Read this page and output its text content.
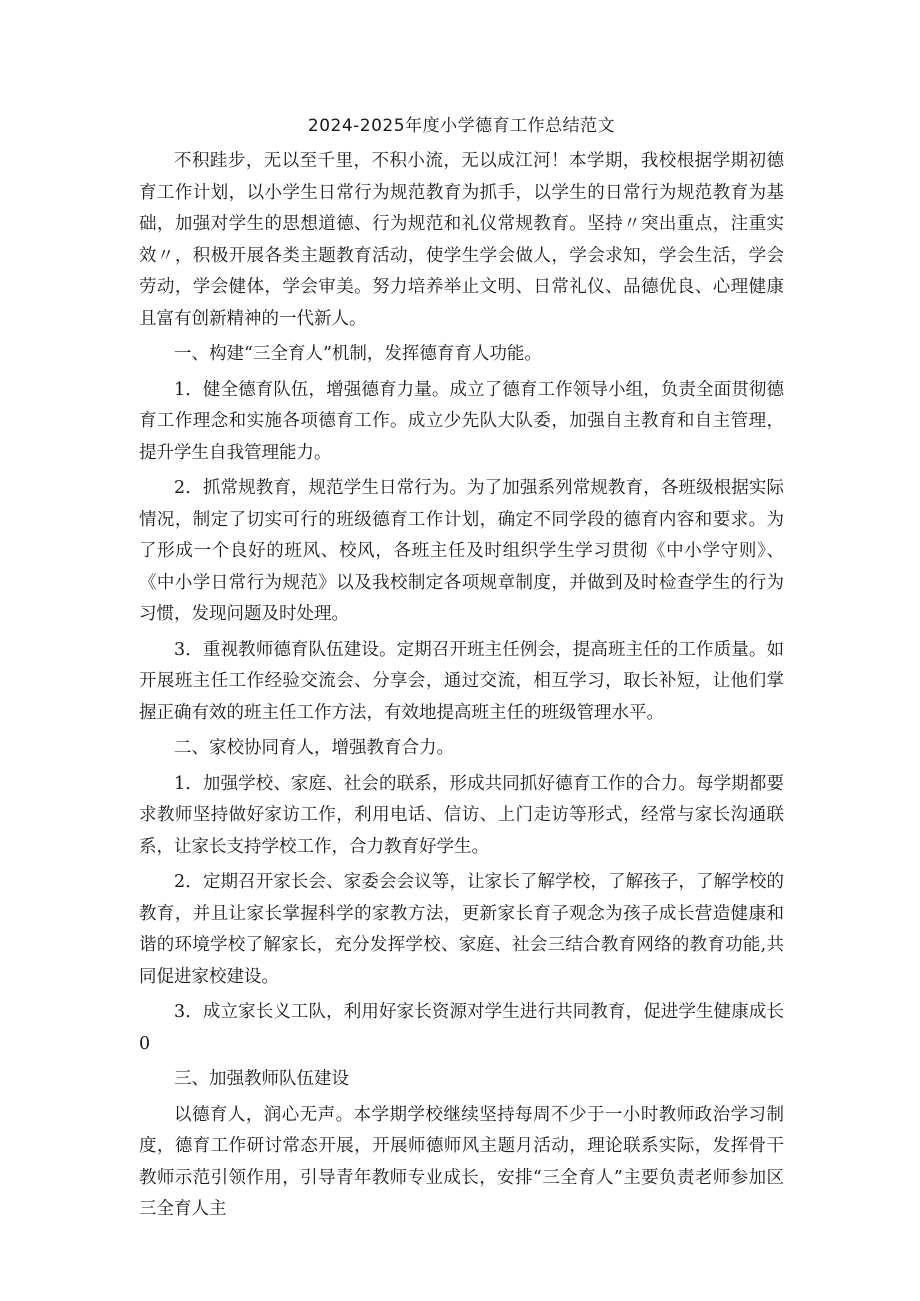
2024-2025年度小学德育工作总结范文

不积跬步，无以至千里，不积小流，无以成江河！本学期，我校根据学期初德育工作计划，以小学生日常行为规范教育为抓手，以学生的日常行为规范教育为基础，加强对学生的思想道德、行为规范和礼仪常规教育。坚持〃突出重点，注重实效〃，积极开展各类主题教育活动，使学生学会做人，学会求知，学会生活，学会劳动，学会健体，学会审美。努力培养举止文明、日常礼仪、品德优良、心理健康且富有创新精神的一代新人。

一、构建“三全育人”机制，发挥德育育人功能。

1．健全德育队伍，增强德育力量。成立了德育工作领导小组，负责全面贯彻德育工作理念和实施各项德育工作。成立少先队大队委，加强自主教育和自主管理，提升学生自我管理能力。

2．抓常规教育，规范学生日常行为。为了加强系列常规教育，各班级根据实际情况，制定了切实可行的班级德育工作计划，确定不同学段的德育内容和要求。为了形成一个良好的班风、校风，各班主任及时组织学生学习贯彻《中小学守则》、《中小学日常行为规范》以及我校制定各项规章制度，并做到及时检查学生的行为习惯，发现问题及时处理。

3．重视教师德育队伍建设。定期召开班主任例会，提高班主任的工作质量。如开展班主任工作经验交流会、分享会，通过交流，相互学习，取长补短，让他们掌握正确有效的班主任工作方法，有效地提高班主任的班级管理水平。

二、家校协同育人，增强教育合力。

1．加强学校、家庭、社会的联系，形成共同抓好德育工作的合力。每学期都要求教师坚持做好家访工作，利用电话、信访、上门走访等形式，经常与家长沟通联系，让家长支持学校工作，合力教育好学生。

2．定期召开家长会、家委会会议等，让家长了解学校，了解孩子，了解学校的教育，并且让家长掌握科学的家教方法，更新家长育子观念为孩子成长营造健康和谐的环境学校了解家长，充分发挥学校、家庭、社会三结合教育网络的教育功能,共同促进家校建设。

3．成立家长义工队，利用好家长资源对学生进行共同教育，促进学生健康成长0

三、加强教师队伍建设

以德育人，润心无声。本学期学校继续坚持每周不少于一小时教师政治学习制度，德育工作研讨常态开展，开展师德师风主题月活动，理论联系实际，发挥骨干教师示范引领作用，引导青年教师专业成长，安排“三全育人”主要负责老师参加区三全育人主
